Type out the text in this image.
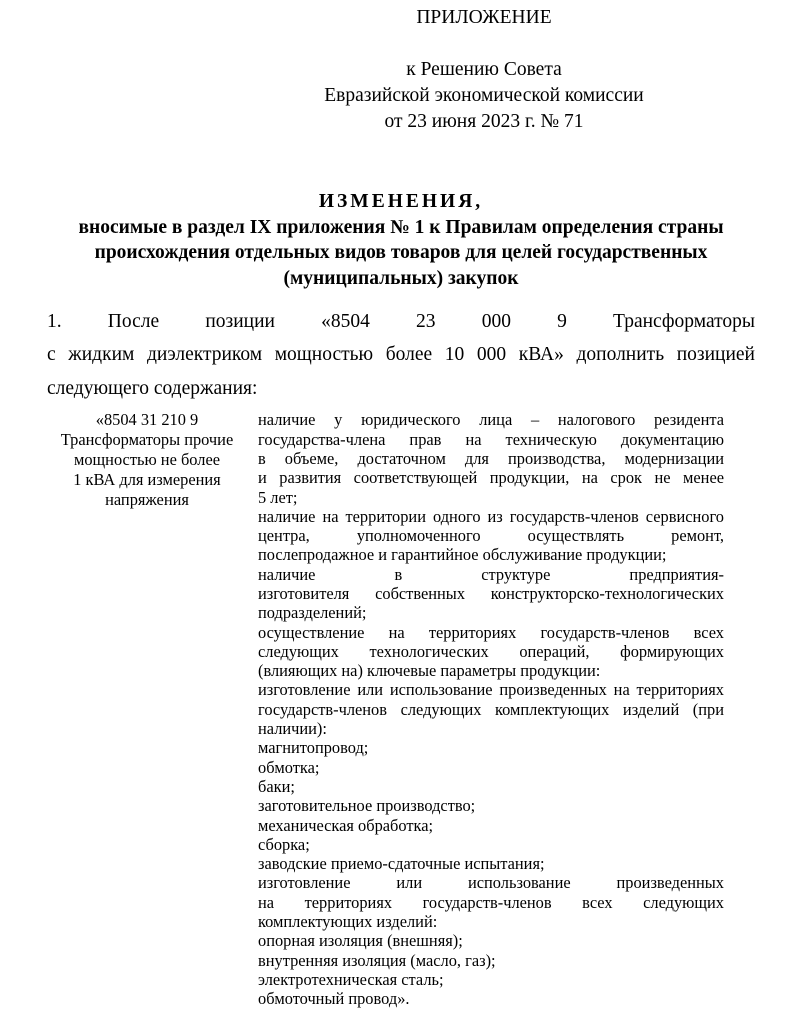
ПРИЛОЖЕНИЕ
к Решению Совета
Евразийской экономической комиссии
от 23 июня 2023 г. № 71
ИЗМЕНЕНИЯ,
вносимые в раздел IX приложения № 1 к Правилам определения страны
происхождения отдельных видов товаров для целей государственных
(муниципальных) закупок
1. После позиции «8504 23 000 9 Трансформаторы
с жидким диэлектриком мощностью более 10 000 кВА» дополнить позицией
следующего содержания:
«8504 31 210 9
Трансформаторы прочие
мощностью не более
1 кВА для измерения
напряжения
наличие у юридического лица – налогового резидента
государства-члена прав на техническую документацию
в объеме, достаточном для производства, модернизации
и развития соответствующей продукции, на срок не менее
5 лет;
наличие на территории одного из государств-членов сервисного
центра, уполномоченного осуществлять ремонт,
послепродажное и гарантийное обслуживание продукции;
наличие в структуре предприятия-
изготовителя собственных конструкторско-технологических
подразделений;
осуществление на территориях государств-членов всех
следующих технологических операций, формирующих
(влияющих на) ключевые параметры продукции:
изготовление или использование произведенных на территориях
государств-членов следующих комплектующих изделий (при
наличии):
магнитопровод;
обмотка;
баки;
заготовительное производство;
механическая обработка;
сборка;
заводские приемо-сдаточные испытания;
изготовление или использование произведенных
на территориях государств-членов всех следующих
комплектующих изделий:
опорная изоляция (внешняя);
внутренняя изоляция (масло, газ);
электротехническая сталь;
обмоточный провод».
